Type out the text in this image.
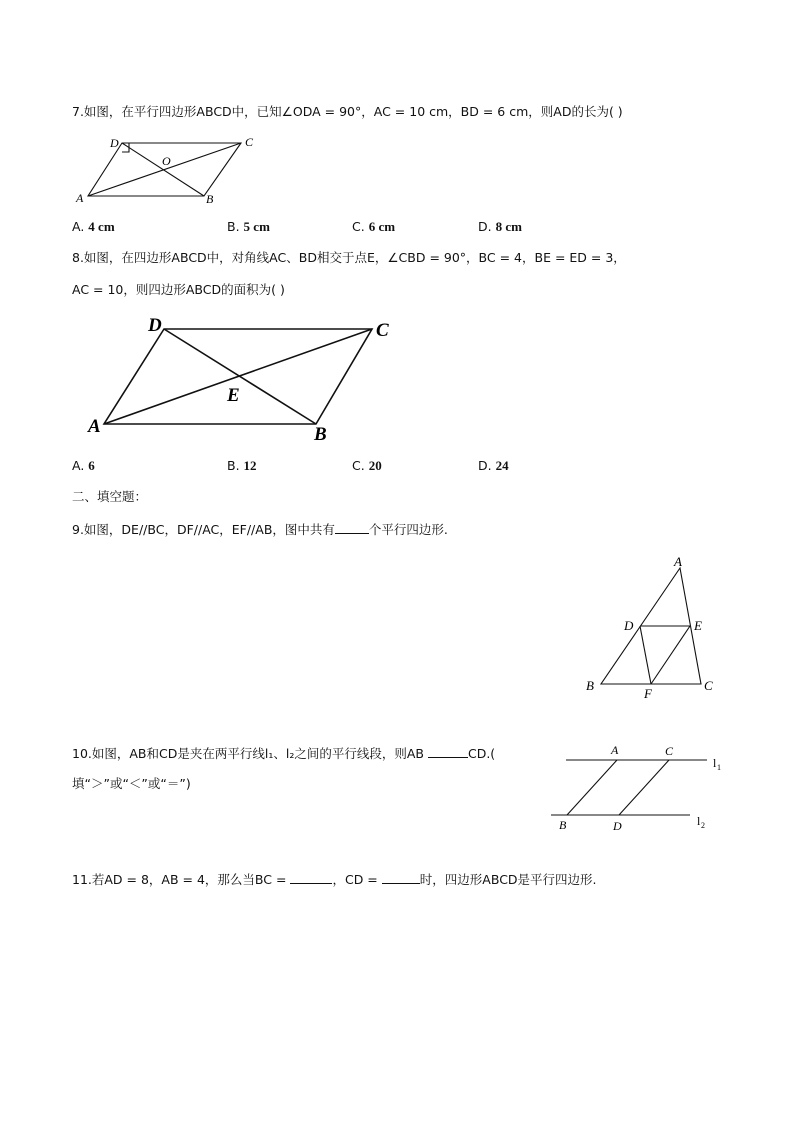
7.如图，在平行四边形ABCD中，已知∠ODA = 90°，AC = 10 cm，BD = 6 cm，则AD的长为( )
D	C
O
A	B
A. 4 cm	B. 5 cm	C. 6 cm	D. 8 cm
8.如图，在四边形ABCD中，对角线AC、BD相交于点E，∠CBD = 90°，BC = 4，BE = ED = 3，
AC = 10，则四边形ABCD的面积为( )
D	C
E
A	B
A. 6	B. 12	C. 20	D. 24
二、填空题：
9.如图，DE//BC，DF//AC，EF//AB，图中共有	个平行四边形.
A
D	E
B
F
C
10.如图，AB和CD是夹在两平行线l₁、l₂之间的平行线段，则AB	CD.(
填“＞”或“＜”或“＝”)
A	C
B	D
l 1
l 2
11.若AD = 8，AB = 4，那么当BC =	，CD =	时，四边形ABCD是平行四边形.
